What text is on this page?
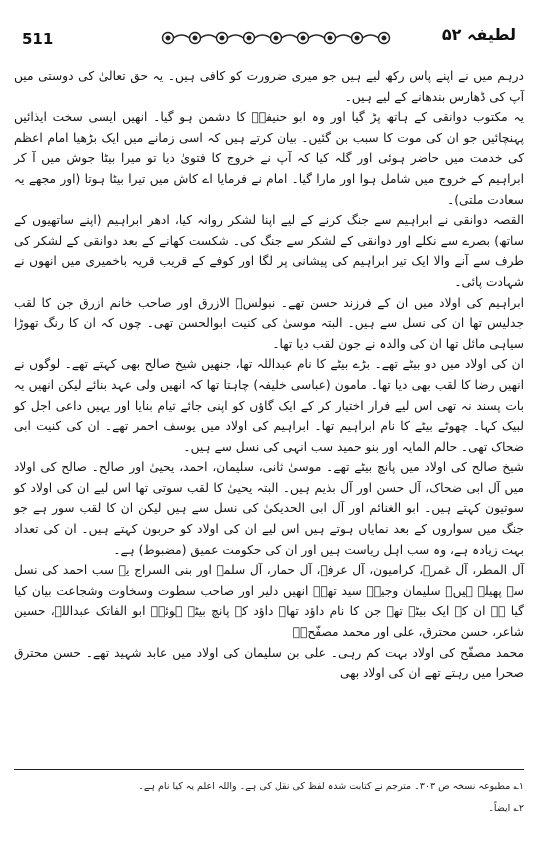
511	لطیفہ ۵۲

درہم میں نے اپنے پاس رکھ لیے ہیں جو میری ضرورت کو کافی ہیں۔ یہ حق تعالیٰ کی دوستی میں آپ کی ڈھارس بندھانے کے لیے ہیں۔

یہ مکتوب دوانقی کے ہاتھ پڑ گیا اور وہ ابو حنیفہؒ کا دشمن ہو گیا۔ انھیں ایسی سخت ایذائیں پہنچائیں جو ان کی موت کا سبب بن گئیں۔ بیان کرتے ہیں کہ اسی زمانے میں ایک بڑھیا امام اعظم کی خدمت میں حاضر ہوئی اور گلہ کیا کہ آپ نے خروج کا فتویٰ دیا تو میرا بیٹا جوش میں آ کر ابراہیم کے خروج میں شامل ہوا اور مارا گیا۔ امام نے فرمایا اے کاش میں تیرا بیٹا ہوتا (اور مجھے یہ سعادت ملتی)۔

القصہ دوانقی نے ابراہیم سے جنگ کرنے کے لیے اپنا لشکر روانہ کیا، ادھر ابراہیم (اپنے ساتھیوں کے ساتھ) بصرے سے نکلے اور دوانقی کے لشکر سے جنگ کی۔ شکست کھانے کے بعد دوانقی کے لشکر کی طرف سے آنے والا ایک تیر ابراہیم کی پیشانی پر لگا اور کوفے کے قریب قریہ باخمیری میں انھوں نے شہادت پائی۔

ابراہیم کی اولاد میں ان کے فرزند حسن تھے۔ نبولسؒ الازرق اور صاحب خانم ازرق جن کا لقب جدلیس تھا ان کی نسل سے ہیں۔ البتہ موسیٰ کی کنیت ابوالحسن تھی۔ چوں کہ ان کا رنگ تھوڑا سیاہی مائل تھا ان کی والدہ نے جون لقب دیا تھا۔

ان کی اولاد میں دو بیٹے تھے۔ بڑے بیٹے کا نام عبداللہ تھا، جنھیں شیخ صالح بھی کہتے تھے۔ لوگوں نے انھیں رضا کا لقب بھی دیا تھا۔ مامون (عباسی خلیفہ) چاہتا تھا کہ انھیں ولی عہد بنائے لیکن انھیں یہ بات پسند نہ تھی اس لیے فرار اختیار کر کے ایک گاؤں کو اپنی جائے تیام بنایا اور یہیں داعی اجل کو لبیک کہا۔ چھوٹے بیٹے کا نام ابراہیم تھا۔ ابراہیم کی اولاد میں یوسف احمر تھے۔ ان کی کنیت ابی ضحاک تھی۔ حالم المایہ اور بنو حمید سب انہی کی نسل سے ہیں۔

شیخ صالح کی اولاد میں پانچ بیٹے تھے۔ موسیٰ ثانی، سلیمان، احمد، یحییٰ اور صالح۔ صالح کی اولاد میں آل ابی ضحاک، آل حسن اور آل بذیم ہیں۔ البتہ یحییٰ کا لقب سوتی تھا اس لیے ان کی اولاد کو سوتیون کہتے ہیں۔ ابو الغنائم اور آل ابی الحدیکیٰ کی نسل سے ہیں لیکن ان کا لقب سور ہے جو جنگ میں سواروں کے بعد نمایاں ہوتے ہیں اس لیے ان کی اولاد کو حربون کہتے ہیں۔ ان کی تعداد بہت زیادہ ہے، وہ سب اہل ریاست ہیں اور ان کی حکومت عمیق (مضبوط) ہے۔

آل المطر، آل غمرہ، کرامیون، آل عرفہ، آل حمار، آل سلمہ اور بنی السراج یہ سب احمد کی نسل سے پھیلے ہیں۔ سلیمان وجیہہ سید تھے۔ انھیں دلیر اور صاحب سطوت وسخاوت وشجاعت بیان کیا گیا ہے ان کے ایک بیٹے تھے جن کا نام داؤد تھا۔ داؤد کے پانچ بیٹے ہوئے۔ ابو الفاتک عبداللہ، حسین شاعر، حسن محترق، علی اور محمد مصفّحؒ۔

محمد مصفّح کی اولاد بہت کم رہی۔ علی بن سلیمان کی اولاد میں عابد شہید تھے۔ حسن محترق صحرا میں رہتے تھے ان کی اولاد بھی

۱؎ مطبوعہ نسخہ ص ۳۰۳۔ مترجم نے کتابت شدہ لفظ کی نقل کی ہے۔ واللہ اعلم یہ کیا نام ہے۔

۲؎ ایضاً۔
